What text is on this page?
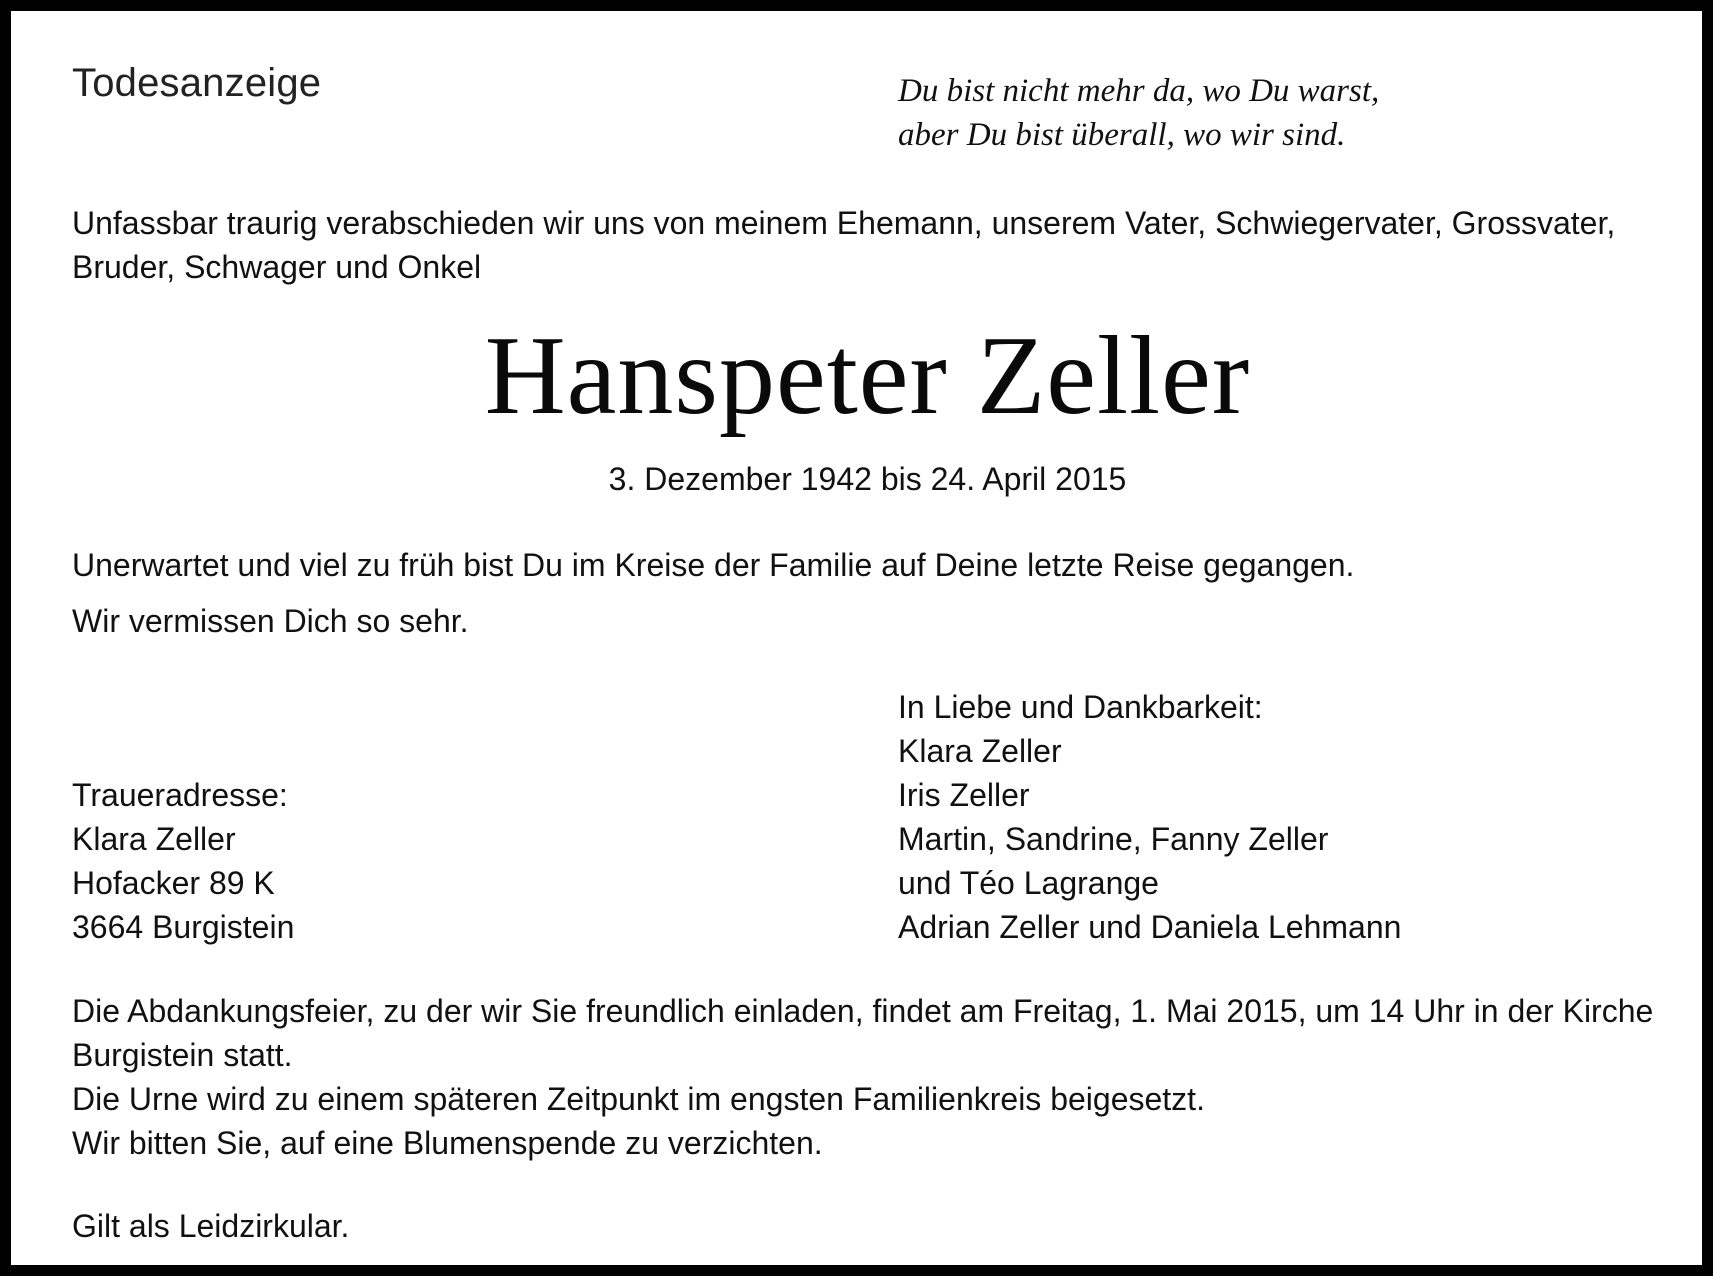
Todesanzeige	Du bist nicht mehr da, wo Du warst,
aber Du bist überall, wo wir sind.
Unfassbar traurig verabschieden wir uns von meinem Ehemann, unserem Vater, Schwiegervater, Grossvater, Bruder, Schwager und Onkel
Hanspeter Zeller
3. Dezember 1942 bis 24. April 2015
Unerwartet und viel zu früh bist Du im Kreise der Familie auf Deine letzte Reise gegangen.
Wir vermissen Dich so sehr.
In Liebe und Dankbarkeit:
Klara Zeller
Iris Zeller
Martin, Sandrine, Fanny Zeller
und Téo Lagrange
Adrian Zeller und Daniela Lehmann
Traueradresse:
Klara Zeller
Hofacker 89 K
3664 Burgistein
Die Abdankungsfeier, zu der wir Sie freundlich einladen, findet am Freitag, 1. Mai 2015, um 14 Uhr in der Kirche
Burgistein statt.
Die Urne wird zu einem späteren Zeitpunkt im engsten Familienkreis beigesetzt.
Wir bitten Sie, auf eine Blumenspende zu verzichten.
Gilt als Leidzirkular.
